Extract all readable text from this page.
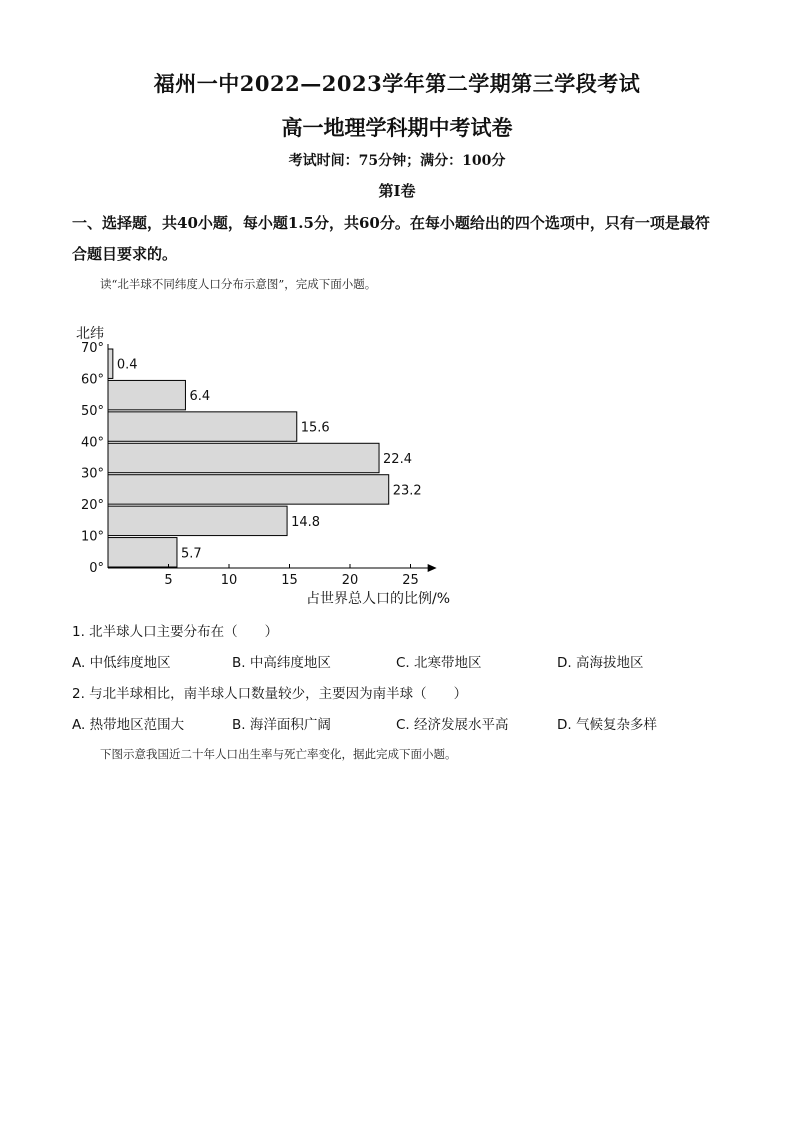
福州一中2022—2023学年第二学期第三学段考试
高一地理学科期中考试卷
考试时间：75分钟；满分：100分
第Ⅰ卷
一、选择题，共40小题，每小题1.5分，共60分。在每小题给出的四个选项中，只有一项是最符合题目要求的。
读“北半球不同纬度人口分布示意图”，完成下面小题。
5.7
14.8
23.2
22.4
15.6
6.4
0.4
0°
10°
20°
30°
40°
50°
60°
70°
5	10	15	20	25
北纬
占世界总人口的比例/%
1. 北半球人口主要分布在（　　）
A. 中低纬度地区	B. 中高纬度地区	C. 北寒带地区	D. 高海拔地区
2. 与北半球相比，南半球人口数量较少，主要因为南半球（　　）
A. 热带地区范围大	B. 海洋面积广阔	C. 经济发展水平高	D. 气候复杂多样
下图示意我国近二十年人口出生率与死亡率变化，据此完成下面小题。
